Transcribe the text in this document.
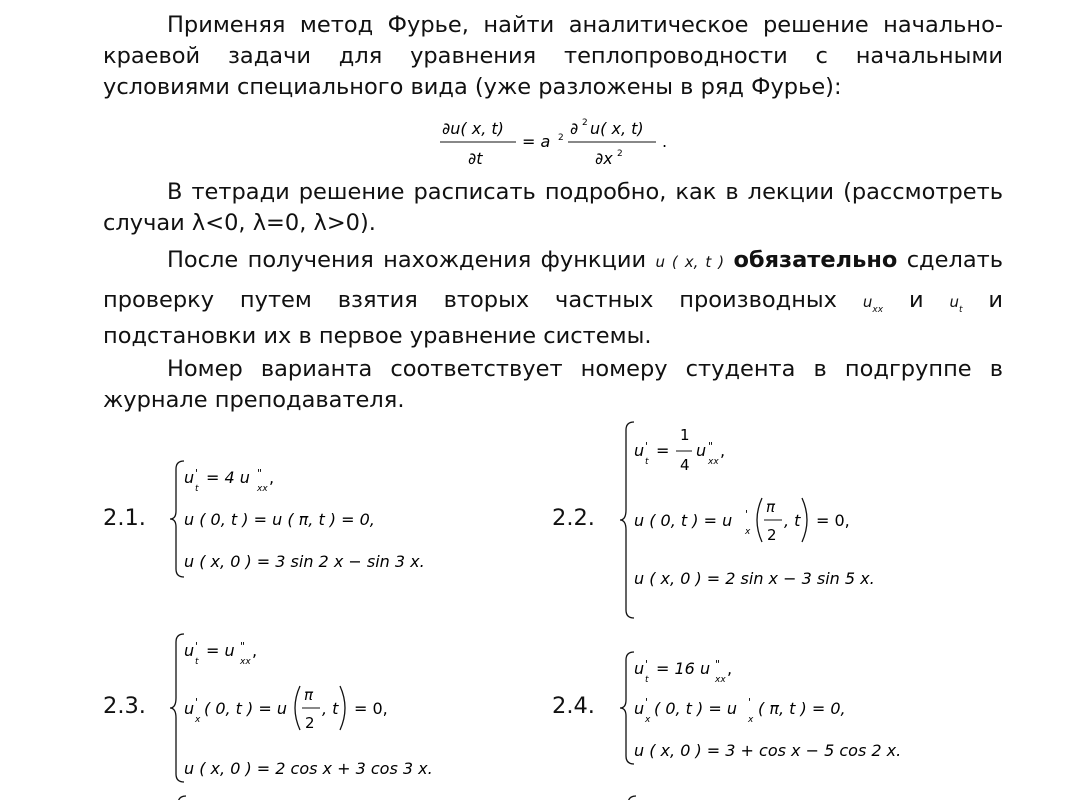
Применяя метод Фурье, найти аналитическое решение начально-краевой задачи для уравнения теплопроводности с начальными условиями специального вида (уже разложены в ряд Фурье):

∂u( x, t)
∂t
= a 2 ∂ 2 u( x, t)
∂x 2
.

В тетради решение расписать подробно, как в лекции (рассмотреть случаи λ<0, λ=0, λ>0).

После получения нахождения функции u ( x, t ) обязательно сделать
проверку путем взятия вторых частных производных $u_{xx}$ и $u_t$ и

подстановки их в первое уравнение системы.

Номер варианта соответствует номеру студента в подгруппе в журнале преподавателя.

2.1.
u '
t
= 4 u "
xx
,
u ( 0, t ) = u ( π, t ) = 0,
u ( x, 0 ) = 3 sin 2 x − sin 3 x.
2.2.
u '
t
=
1
4
u "
xx
,
u ( 0, t ) = u '
x
π
2
, t = 0,
u ( x, 0 ) = 2 sin x − 3 sin 5 x.
2.3.
u '
t
= u "
xx
,
u '
x
( 0, t ) = u
π
2
, t = 0,
u ( x, 0 ) = 2 cos x + 3 cos 3 x.
2.4.
u '
t
= 16 u "
xx
,
u '
x
( 0, t ) = u '
x
( π, t ) = 0,
u ( x, 0 ) = 3 + cos x − 5 cos 2 x.
